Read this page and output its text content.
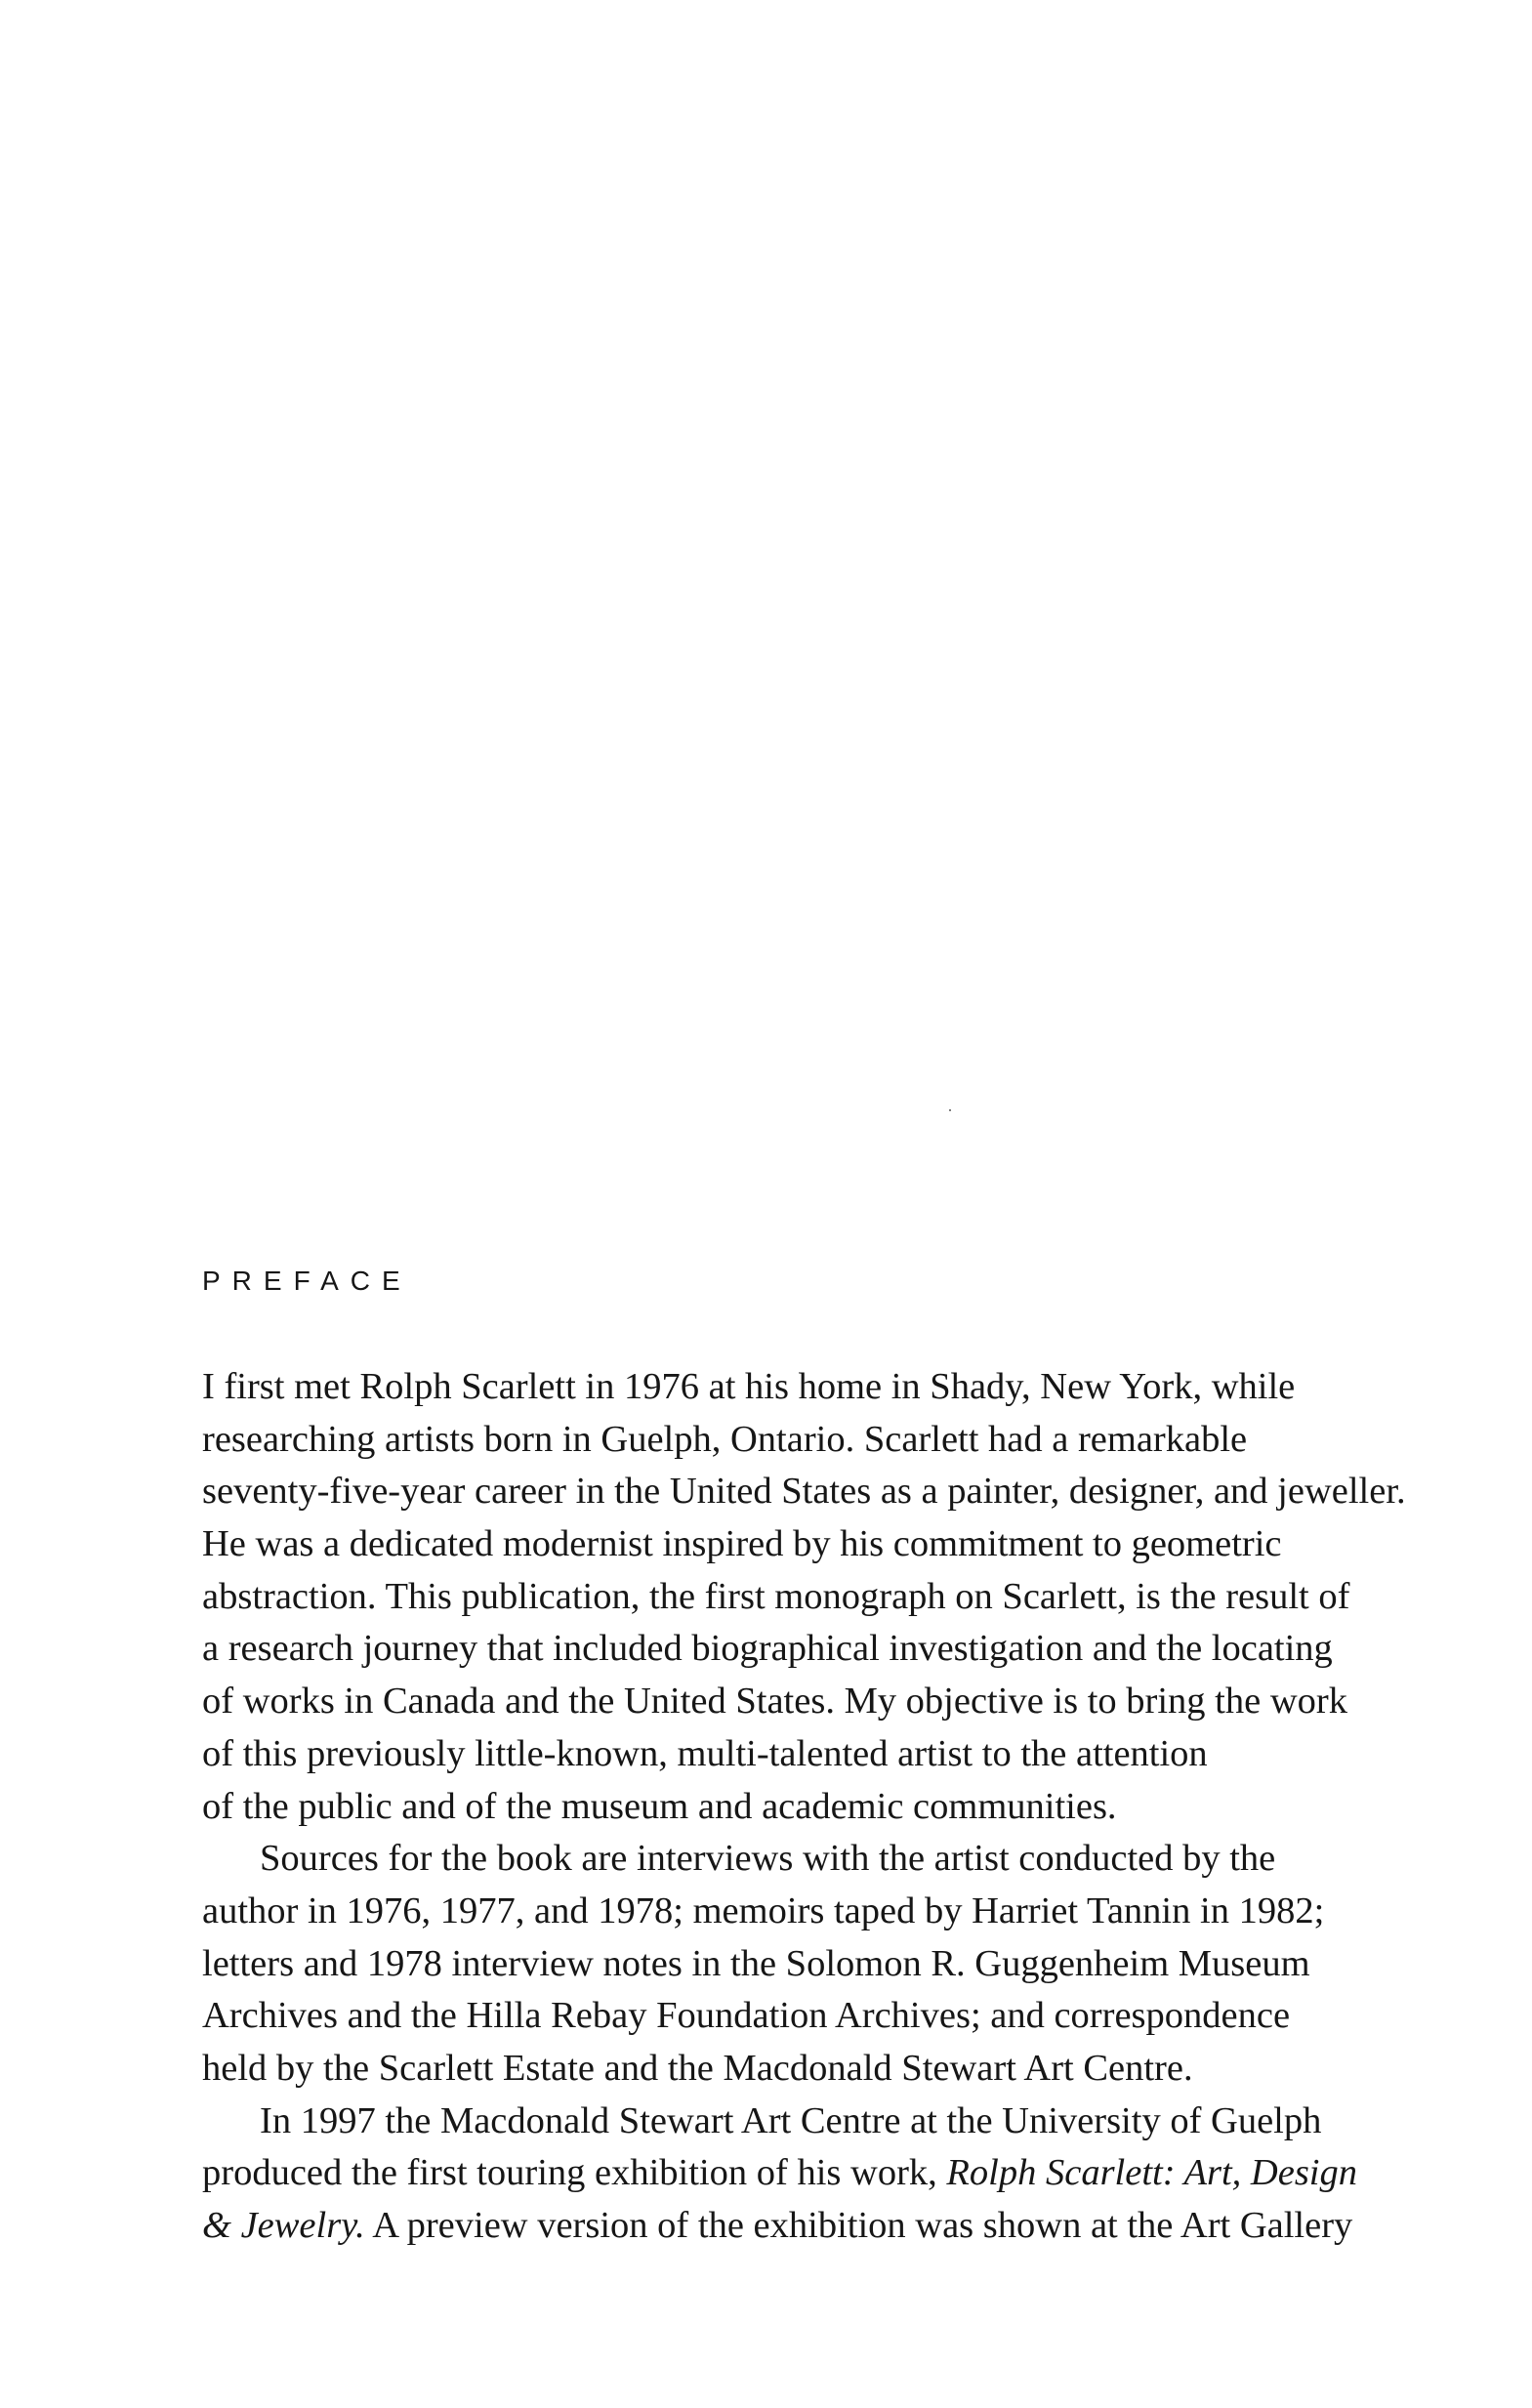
PREFACE
I first met Rolph Scarlett in 1976 at his home in Shady, New York, while
researching artists born in Guelph, Ontario. Scarlett had a remarkable
seventy-five-year career in the United States as a painter, designer, and jeweller.
He was a dedicated modernist inspired by his commitment to geometric
abstraction. This publication, the first monograph on Scarlett, is the result of
a research journey that included biographical investigation and the locating
of works in Canada and the United States. My objective is to bring the work
of this previously little-known, multi-talented artist to the attention
of the public and of the museum and academic communities.
Sources for the book are interviews with the artist conducted by the
author in 1976, 1977, and 1978; memoirs taped by Harriet Tannin in 1982;
letters and 1978 interview notes in the Solomon R. Guggenheim Museum
Archives and the Hilla Rebay Foundation Archives; and correspondence
held by the Scarlett Estate and the Macdonald Stewart Art Centre.
In 1997 the Macdonald Stewart Art Centre at the University of Guelph
produced the first touring exhibition of his work, Rolph Scarlett: Art, Design
& Jewelry. A preview version of the exhibition was shown at the Art Gallery
